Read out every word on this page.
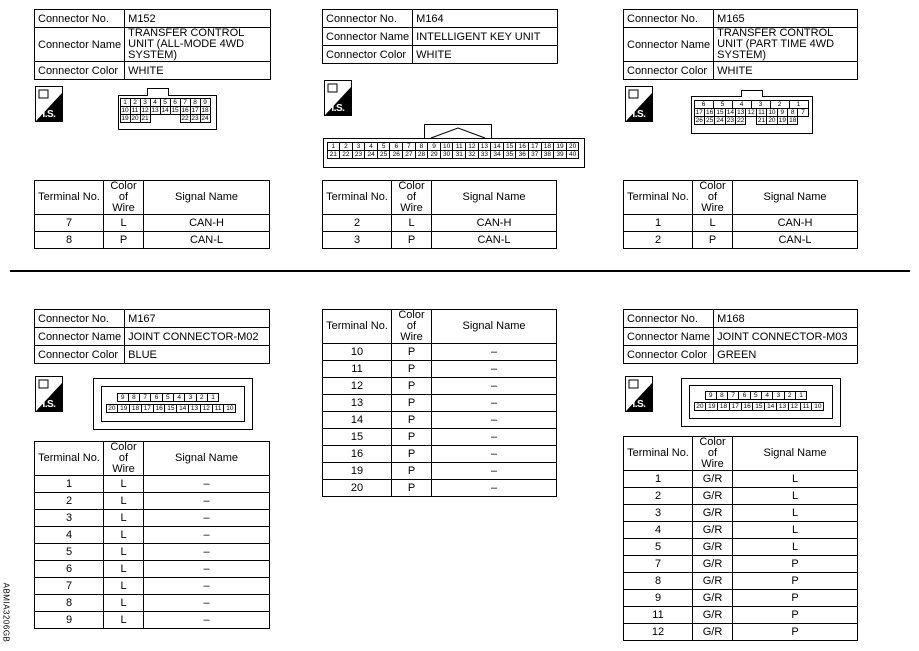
Connector No.	M152
Connector Name	TRANSFER CONTROL UNIT (ALL-MODE 4WD SYSTEM)
Connector Color	WHITE
H.S.
1 2 3 4 5 6 7 8 9
10 11 12 13 14 15 16 17 18
19 20 21	22 23 24
Terminal No.	Color of Wire	Signal Name
7	L	CAN-H
8	P	CAN-L
Connector No.	M164
Connector Name	INTELLIGENT KEY UNIT
Connector Color	WHITE
H.S.
1	2	3	4	5	6	7	8	9	10 11 12 13 14 15 16 17 18 19 20
21 22 23 24 25 26 27 28 29 30 31 32 33 34 35 36 37 38 39 40
Terminal No.	Color of Wire	Signal Name
2	L	CAN-H
3	P	CAN-L
Connector No.	M165
Connector Name	TRANSFER CONTROL UNIT (PART TIME 4WD SYSTEM)
Connector Color	WHITE
H.S.
6	5	4	3	2	1
17 16 15 14 13 12 11 10 9	8	7
26 25 24 23 22	21 20 19 18
Terminal No.	Color of Wire	Signal Name
1	L	CAN-H
2	P	CAN-L
Connector No.	M167
Connector Name	JOINT CONNECTOR-M02
Connector Color	BLUE
H.S.
9	8	7	6	5	4	3	2	1
20 19 18 17 16 15 14 13 12 11 10
Terminal No.	Color of Wire	Signal Name
1	L	–
2	L	–
3	L	–
4	L	–
5	L	–
6	L	–
7	L	–
8	L	–
9	L	–
Terminal No.	Color of Wire	Signal Name
10	P	–
11	P	–
12	P	–
13	P	–
14	P	–
15	P	–
16	P	–
19	P	–
20	P	–
Connector No.	M168
Connector Name	JOINT CONNECTOR-M03
Connector Color	GREEN
H.S.
9	8	7	6	5	4	3	2	1
20 19 18 17 16 15 14 13 12 11 10
Terminal No.	Color of Wire	Signal Name
1	G/R	L
2	G/R	L
3	G/R	L
4	G/R	L
5	G/R	L
7	G/R	P
8	G/R	P
9	G/R	P
11	G/R	P
12	G/R	P
ABMIA3206GB
